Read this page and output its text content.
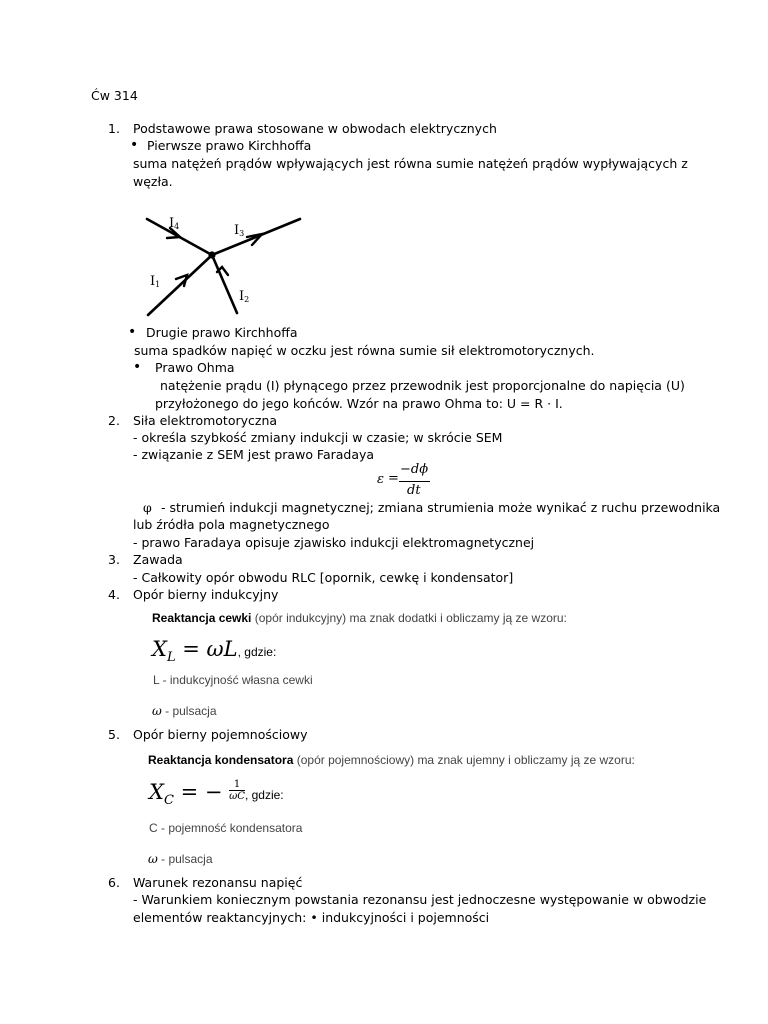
Ćw 314
1. Podstawowe prawa stosowane w obwodach elektrycznych
• Pierwsze prawo Kirchhoffa
suma natężeń prądów wpływających jest równa sumie natężeń prądów wypływających z
węzła.
I4	I3
I1
I2
• Drugie prawo Kirchhoffa
suma spadków napięć w oczku jest równa sumie sił elektromotorycznych.
• Prawo Ohma
natężenie prądu (I) płynącego przez przewodnik jest proporcjonalne do napięcia (U)
przyłożonego do jego końców. Wzór na prawo Ohma to: U = R · I.
2. Siła elektromotoryczna
- określa szybkość zmiany indukcji w czasie; w skrócie SEM
- związanie z SEM jest prawo Faradaya
ε =
−dϕ
dt
φ - strumień indukcji magnetycznej; zmiana strumienia może wynikać z ruchu przewodnika
lub źródła pola magnetycznego
- prawo Faradaya opisuje zjawisko indukcji elektromagnetycznej
3. Zawada
- Całkowity opór obwodu RLC [opornik, cewkę i kondensator]
4. Opór bierny indukcyjny
Reaktancja cewki (opór indukcyjny) ma znak dodatki i obliczamy ją ze wzoru:
$X_L = \omega L$, gdzie:
L - indukcyjność własna cewki
ω - pulsacja
5. Opór bierny pojemnościowy
Reaktancja kondensatora (opór pojemnościowy) ma znak ujemny i obliczamy ją ze wzoru:
$X_C$ = − $\frac{1}{\omega C}$ , gdzie:
C - pojemność kondensatora
ω - pulsacja
6. Warunek rezonansu napięć
- Warunkiem koniecznym powstania rezonansu jest jednoczesne występowanie w obwodzie
elementów reaktancyjnych: • indukcyjności i pojemności
